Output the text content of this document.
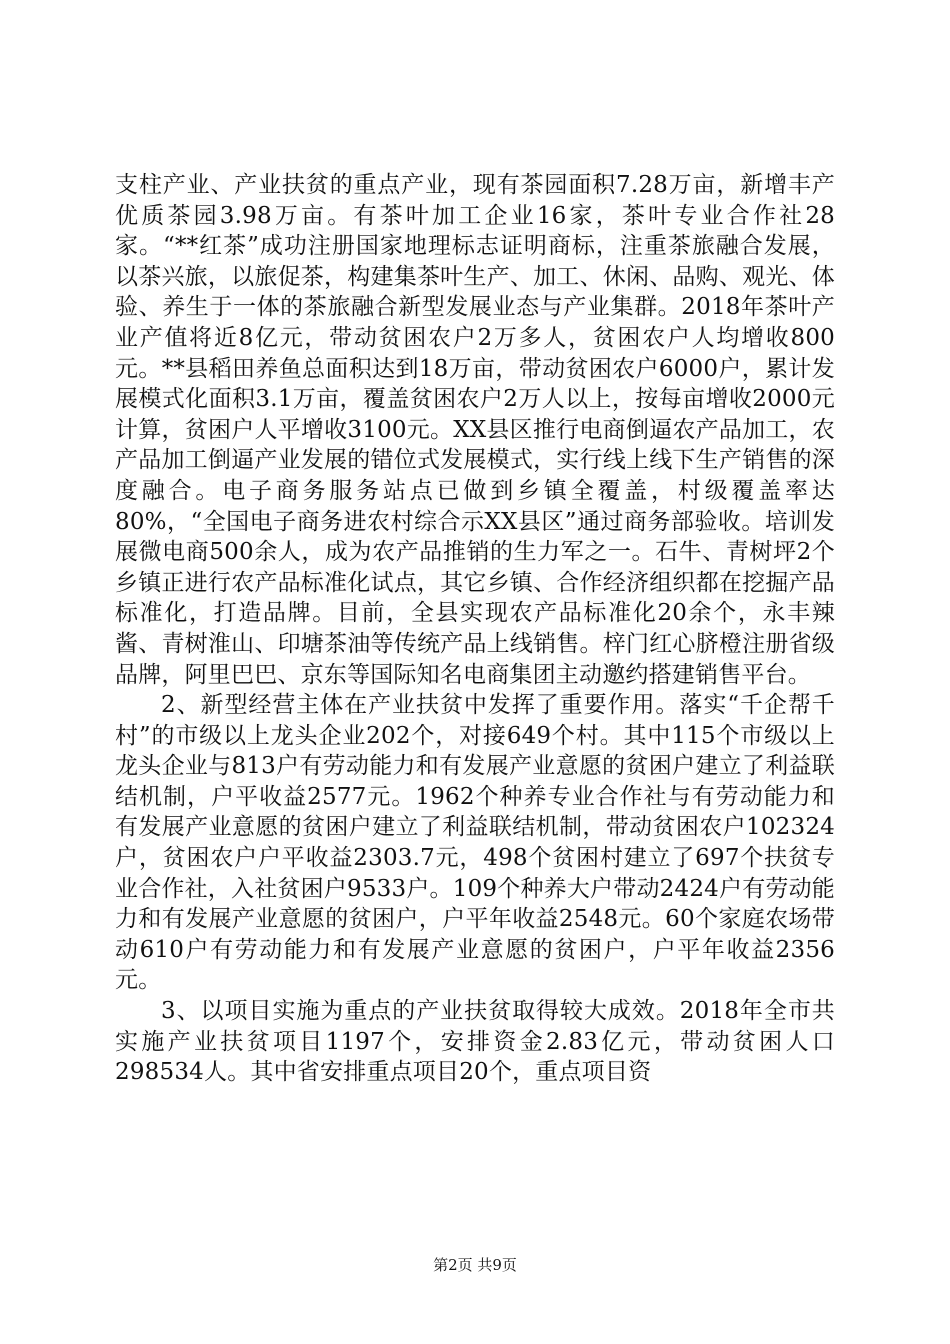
支柱产业、产业扶贫的重点产业，现有茶园面积7.28万亩，新增丰产优质茶园3.98万亩。有茶叶加工企业16家，茶叶专业合作社28家。“**红茶”成功注册国家地理标志证明商标，注重茶旅融合发展，以茶兴旅，以旅促茶，构建集茶叶生产、加工、休闲、品购、观光、体验、养生于一体的茶旅融合新型发展业态与产业集群。2018年茶叶产业产值将近8亿元，带动贫困农户2万多人，贫困农户人均增收800元。**县稻田养鱼总面积达到18万亩，带动贫困农户6000户，累计发展模式化面积3.1万亩，覆盖贫困农户2万人以上，按每亩增收2000元计算，贫困户人平增收3100元。XX县区推行电商倒逼农产品加工，农产品加工倒逼产业发展的错位式发展模式，实行线上线下生产销售的深度融合。电子商务服务站点已做到乡镇全覆盖，村级覆盖率达80%，“全国电子商务进农村综合示XX县区”通过商务部验收。培训发展微电商500余人，成为农产品推销的生力军之一。石牛、青树坪2个乡镇正进行农产品标准化试点，其它乡镇、合作经济组织都在挖掘产品标准化，打造品牌。目前，全县实现农产品标准化20余个，永丰辣酱、青树淮山、印塘茶油等传统产品上线销售。梓门红心脐橙注册省级品牌，阿里巴巴、京东等国际知名电商集团主动邀约搭建销售平台。

2、新型经营主体在产业扶贫中发挥了重要作用。落实“千企帮千村”的市级以上龙头企业202个，对接649个村。其中115个市级以上龙头企业与813户有劳动能力和有发展产业意愿的贫困户建立了利益联结机制，户平收益2577元。1962个种养专业合作社与有劳动能力和有发展产业意愿的贫困户建立了利益联结机制，带动贫困农户102324户，贫困农户户平收益2303.7元，498个贫困村建立了697个扶贫专业合作社，入社贫困户9533户。109个种养大户带动2424户有劳动能力和有发展产业意愿的贫困户，户平年收益2548元。60个家庭农场带动610户有劳动能力和有发展产业意愿的贫困户，户平年收益2356元。

3、以项目实施为重点的产业扶贫取得较大成效。2018年全市共实施产业扶贫项目1197个，安排资金2.83亿元，带动贫困人口298534人。其中省安排重点项目20个，重点项目资

第2页 共9页
